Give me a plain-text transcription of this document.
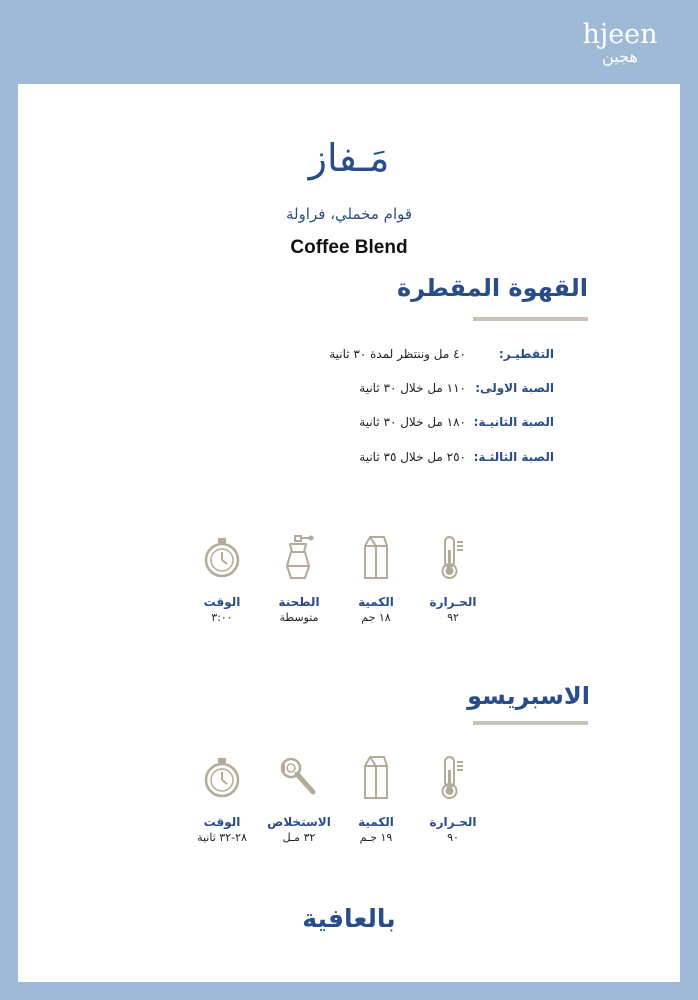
hjeen
هجين
مَـفاز
قوام مخملي، فراولة
Coffee Blend
القهوة المقطرة
التقطيـر:
٤٠ مل وننتظر لمدة ٣٠ ثانية
الصبة الاولى:
١١٠ مل خلال ٣٠ ثانية
الصبة الثانيـة:
١٨٠ مل خلال ٣٠ ثانية
الصبة الثالثـة:
٢٥٠ مل خلال ٣٥ ثانية
الحـرارة
٩٢
الكمية
١٨ جم
الطحنة
متوسطة
الوقت
٣:٠٠
الاسبريسو
الحـرارة
٩٠
الكمية
١٩ جـم
الاستخلاص
٣٢ مـل
الوقت
٢٨-٣٢ ثانية
بالعافية
